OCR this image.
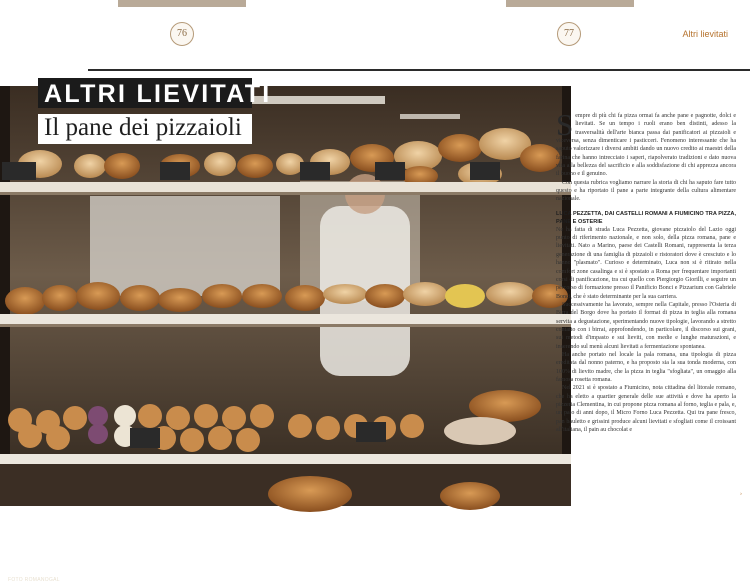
76	77	Altri lievitati
FOTO ROMANOGAL
ALTRI LIEVITATI
Il pane dei pizzaioli	Sempre di più chi fa pizza ormai fa anche pane e pagnotte, dolci e lievitati. Se un tempo i ruoli erano ben distinti, adesso la trasversalità dell'arte bianca passa dai panificatori ai pizzaioli e viceversa, senza dimenticare i pasticceri. Fenomeno interessante che ha saputo valorizzare i diversi ambiti dando un nuovo credito ai maestri della farina che hanno intrecciato i saperi, riapolverato tradizioni e dato nuova vita alla bellezza del sacrificio e alla soddisfazione di chi apprezza ancora il buono e il genuino.

Con questa rubrica vogliamo narrare la storia di chi ha saputo fare tutto questo e ha riportato il pane a parte integrante della cultura alimentare nazionale.

LUCA PEZZETTA, DAI CASTELLI ROMANI A FIUMICINO TRA PIZZA, PANE E OSTERIE

Ne ha fatta di strada Luca Pezzetta, giovane pizzaiolo del Lazio oggi punto di riferimento nazionale, e non solo, della pizza romana, pane e lievitati. Nato a Marino, paese dei Castelli Romani, rappresenta la terza generazione di una famiglia di pizzaioli e ristoratori dove è cresciuto e lo hanno "plasmato". Curioso e determinato, Luca non si è ritirato nella comfort zone casalinga e si è spostato a Roma per frequentare importanti corsi di panificazione, tra cui quello con Piergiorgio Giorilli, e seguire un percorso di formazione presso il Panificio Bonci e Pizzarium con Gabriele Bonci, che è stato determinante per la sua carriera.

Successivamente ha lavorato, sempre nella Capitale, presso l'Osteria di Birra del Borgo dove ha portato il format di pizza in teglia alla romana servita a degustazione, sperimentando nuove tipologie, lavorando a stretto contatto con i birrai, approfondendo, in particolare, il discorso sui grani, sui metodi d'impasto e sui lieviti, con medie e lunghe maturazioni, e inserendo sul menù alcuni lievitati a fermentazione spontanea.

Ha anche portato nel locale la pala romana, una tipologia di pizza ereditata dal nonno paterno, e ha proposto sia la sua tonda moderna, con 100% di lievito madre, che la pizza in teglia "sfogliata", un omaggio alla famosa rosetta romana.

Nel 2021 si è spostato a Fiumicino, nota cittadina del litorale romano, che ha eletto a quartier generale delle sue attività e dove ha aperto la pizzeria Clementina, in cui propone pizza romana al forno, teglia e pala, e, un paio di anni dopo, il Micro Forno Luca Pezzetta. Qui tra pane fresco, pan bauletto e grissini produce alcuni lievitati e sfogliati come il croissant all'italiana, il pain au chocolat e

›
